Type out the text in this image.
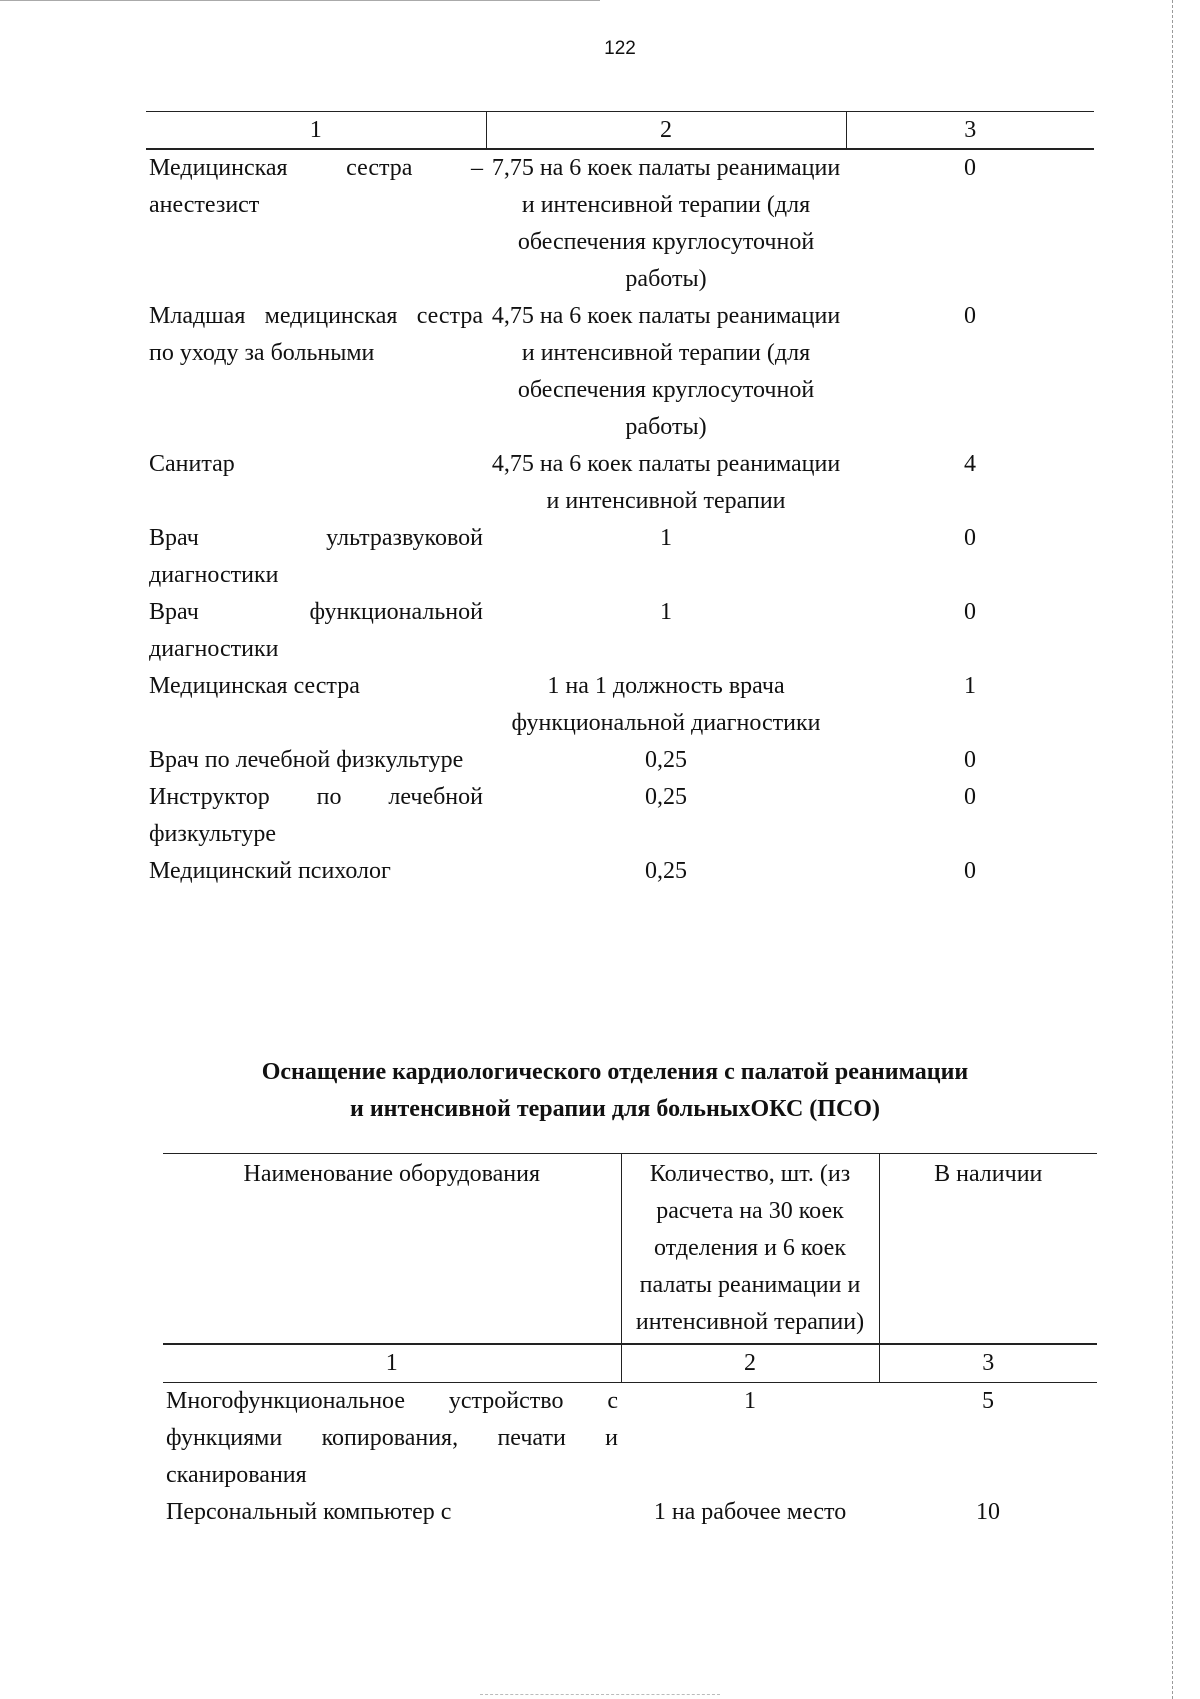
122
1	2	3
Медицинская сестра – анестезист	7,75 на 6 коек палаты реанимации и интенсивной терапии (для обеспечения круглосуточной работы)	0
Младшая медицинская сестра по уходу за больными	4,75 на 6 коек палаты реанимации и интенсивной терапии (для обеспечения круглосуточной работы)	0
Санитар	4,75 на 6 коек палаты реанимации и интенсивной терапии	4
Врач ультразвуковой диагностики	1	0
Врач функциональной диагностики	1	0
Медицинская сестра	1 на 1 должность врача функциональной диагностики	1
Врач по лечебной физкультуре	0,25	0
Инструктор по лечебной физкультуре	0,25	0
Медицинский психолог	0,25	0
Оснащение кардиологического отделения с палатой реанимации
и интенсивной терапии для больныхОКС (ПСО)
Наименование оборудования	Количество, шт. (из расчета на 30 коек отделения и 6 коек палаты реанимации и интенсивной терапии)	В наличии
1	2	3
Многофункциональное устройство с функциями копирования, печати и сканирования	1	5
Персональный компьютер с	1 на рабочее место	10
